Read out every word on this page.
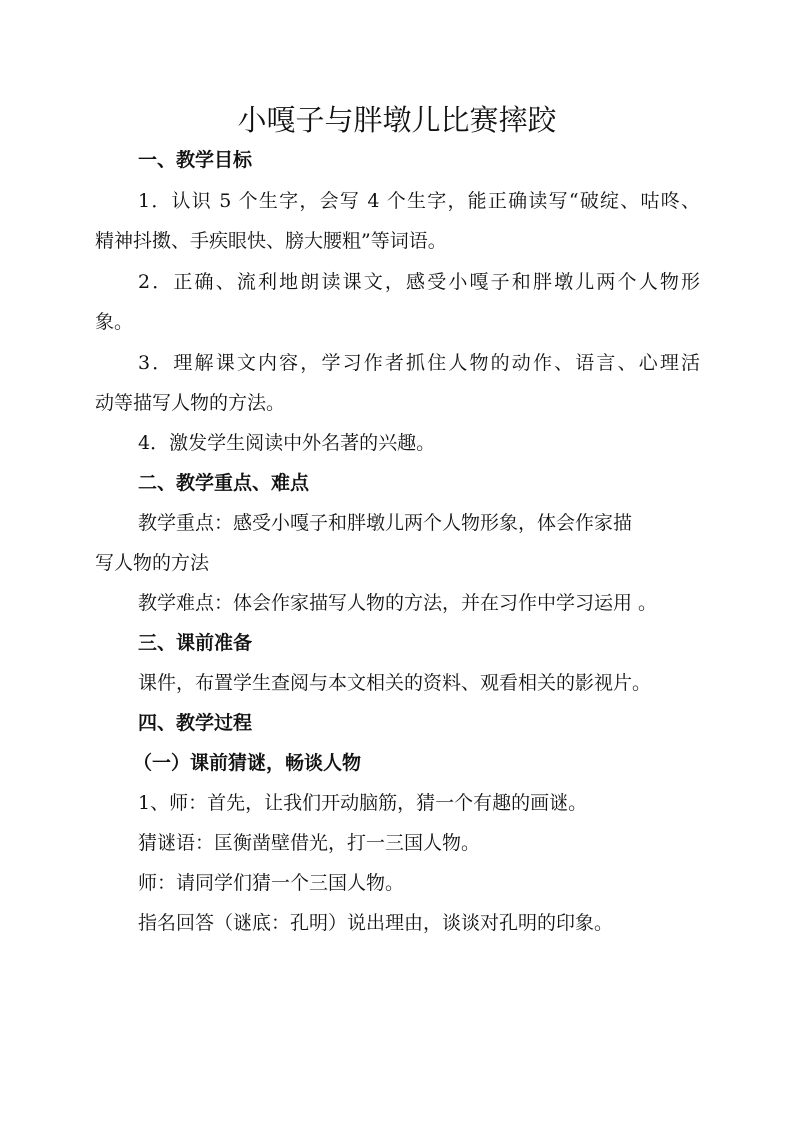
小嘎子与胖墩儿比赛摔跤

一、教学目标

1．认识 5 个生字，会写 4 个生字，能正确读写“破绽、咕咚、

精神抖擞、手疾眼快、膀大腰粗”等词语。

2．正确、流利地朗读课文，感受小嘎子和胖墩儿两个人物形

象。

3．理解课文内容，学习作者抓住人物的动作、语言、心理活

动等描写人物的方法。

4．激发学生阅读中外名著的兴趣。

二、教学重点、难点

教学重点：感受小嘎子和胖墩儿两个人物形象，体会作家描

写人物的方法

教学难点：体会作家描写人物的方法，并在习作中学习运用 。

三、课前准备

课件，布置学生查阅与本文相关的资料、观看相关的影视片。

四、教学过程

（一）课前猜谜，畅谈人物

1、师：首先，让我们开动脑筋，猜一个有趣的画谜。

猜谜语：匡衡凿壁借光，打一三国人物。

师：请同学们猜一个三国人物。

指名回答（谜底：孔明）说出理由，谈谈对孔明的印象。
